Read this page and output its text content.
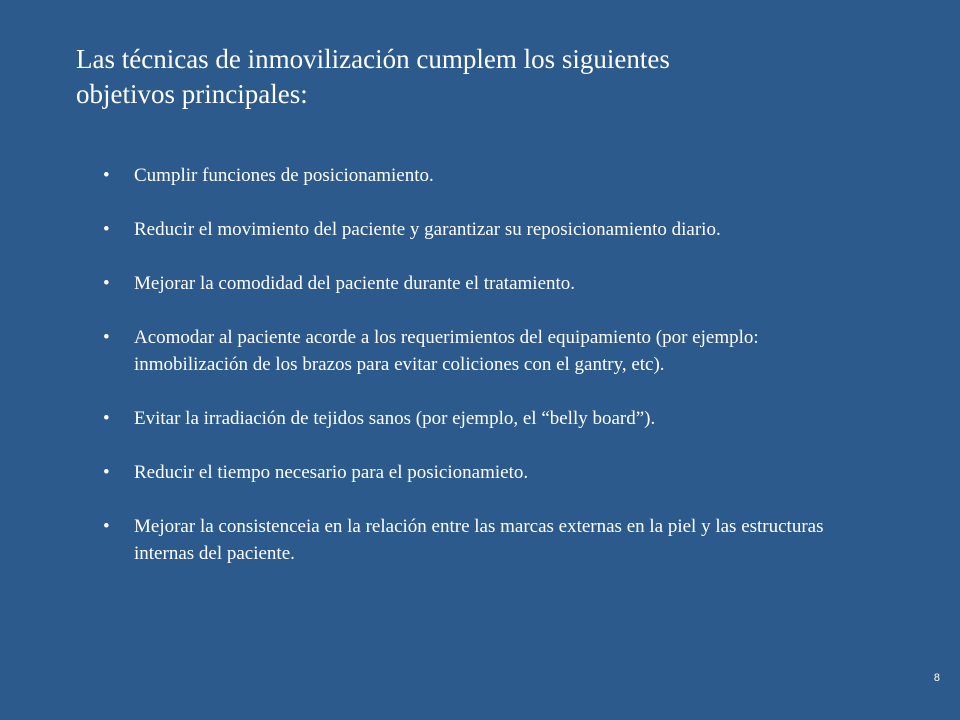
Las técnicas de inmovilización cumplem los siguientes
objetivos principales:
• Cumplir funciones de posicionamiento.
• Reducir el movimiento del paciente y garantizar su reposicionamiento diario.
• Mejorar la comodidad del paciente durante el tratamiento.
• Acomodar al paciente acorde a los requerimientos del equipamiento (por ejemplo: inmobilización de los brazos para evitar coliciones con el gantry, etc).
• Evitar la irradiación de tejidos sanos (por ejemplo, el “belly board”).
• Reducir el tiempo necesario para el posicionamieto.
• Mejorar la consistenceia en la relación entre las marcas externas en la piel y las estructuras internas del paciente.
8
